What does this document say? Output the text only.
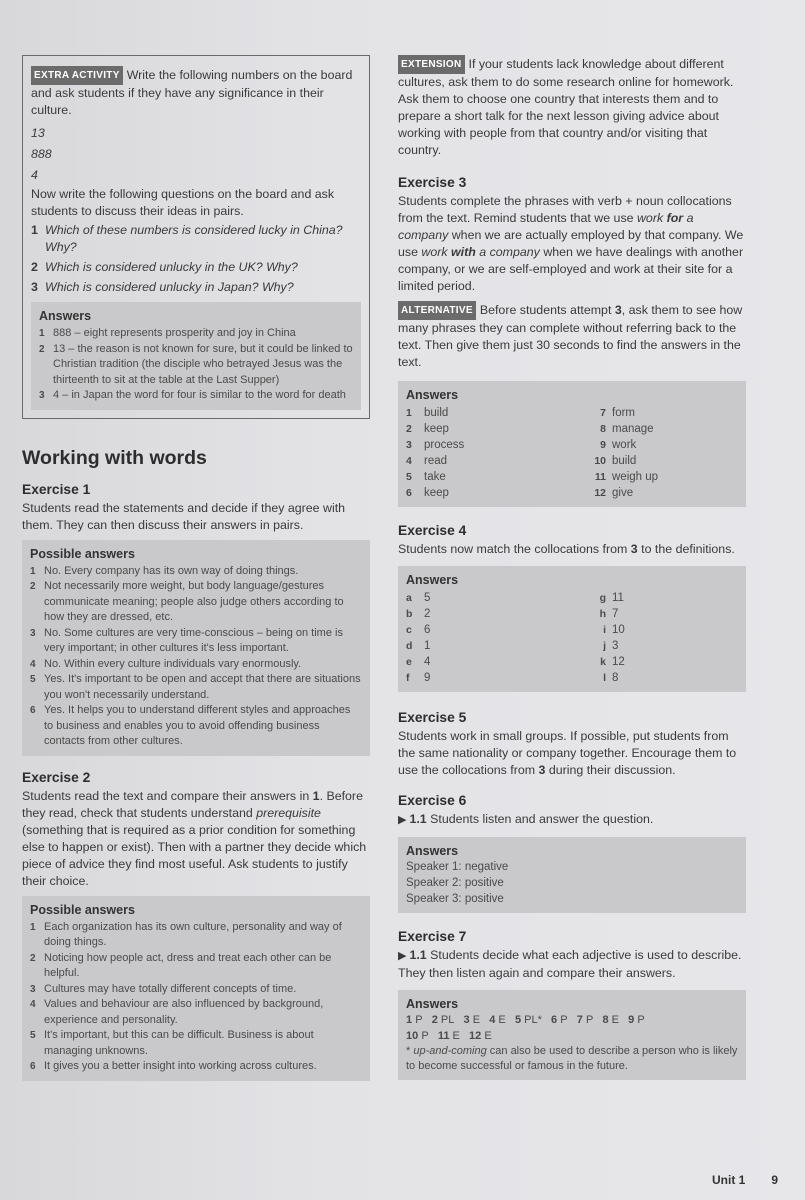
EXTRA ACTIVITY Write the following numbers on the board and ask students if they have any significance in their culture.

13
888
4

Now write the following questions on the board and ask students to discuss their ideas in pairs.

1 Which of these numbers is considered lucky in China? Why?
2 Which is considered unlucky in the UK? Why?
3 Which is considered unlucky in Japan? Why?
Answers
1 888 – eight represents prosperity and joy in China
2 13 – the reason is not known for sure, but it could be linked to Christian tradition (the disciple who betrayed Jesus was the thirteenth to sit at the table at the Last Supper)
3 4 – in Japan the word for four is similar to the word for death
Working with words
Exercise 1

Students read the statements and decide if they agree with them. They can then discuss their answers in pairs.

Possible answers
1 No. Every company has its own way of doing things.
2 Not necessarily more weight, but body language/gestures communicate meaning; people also judge others according to how they are dressed, etc.
3 No. Some cultures are very time-conscious – being on time is very important; in other cultures it's less important.
4 No. Within every culture individuals vary enormously.
5 Yes. It's important to be open and accept that there are situations you won't necessarily understand.
6 Yes. It helps you to understand different styles and approaches to business and enables you to avoid offending business contacts from other cultures.
Exercise 2

Students read the text and compare their answers in 1. Before they read, check that students understand prerequisite (something that is required as a prior condition for something else to happen or exist). Then with a partner they decide which piece of advice they find most useful. Ask students to justify their choice.

Possible answers
1 Each organization has its own culture, personality and way of doing things.
2 Noticing how people act, dress and treat each other can be helpful.
3 Cultures may have totally different concepts of time.
4 Values and behaviour are also influenced by background, experience and personality.
5 It's important, but this can be difficult. Business is about managing unknowns.
6 It gives you a better insight into working across cultures.

EXTENSION If your students lack knowledge about different cultures, ask them to do some research online for homework. Ask them to choose one country that interests them and to prepare a short talk for the next lesson giving advice about working with people from that country and/or visiting that country.

Exercise 3

Students complete the phrases with verb + noun collocations from the text. Remind students that we use work for a company when we are actually employed by that company. We use work with a company when we have dealings with another company, or we are self-employed and work at their site for a limited period.

ALTERNATIVE Before students attempt 3, ask them to see how many phrases they can complete without referring back to the text. Then give them just 30 seconds to find the answers in the text.

Answers
1	build
2	keep
3	process
4	read
5	take
6	keep
7 form
8 manage
9 work
10 build
11 weigh up
12 give
Exercise 4

Students now match the collocations from 3 to the definitions.

Answers
a	5
b	2
c	6
d	1
e	4
f	9
g 11
h 7
i 10
j 3
k 12
l 8
Exercise 5

Students work in small groups. If possible, put students from the same nationality or company together. Encourage them to use the collocations from 3 during their discussion.

Exercise 6

▶ 1.1 Students listen and answer the question.

Answers
Speaker 1: negative
Speaker 2: positive
Speaker 3: positive
Exercise 7

▶ 1.1 Students decide what each adjective is used to describe. They then listen again and compare their answers.

Answers
1 P 2 PL 3 E 4 E 5 PL* 6 P 7 P 8 E 9 P
10 P 11 E 12 E
* up-and-coming can also be used to describe a person who is likely to become successful or famous in the future.
Unit 1 9
